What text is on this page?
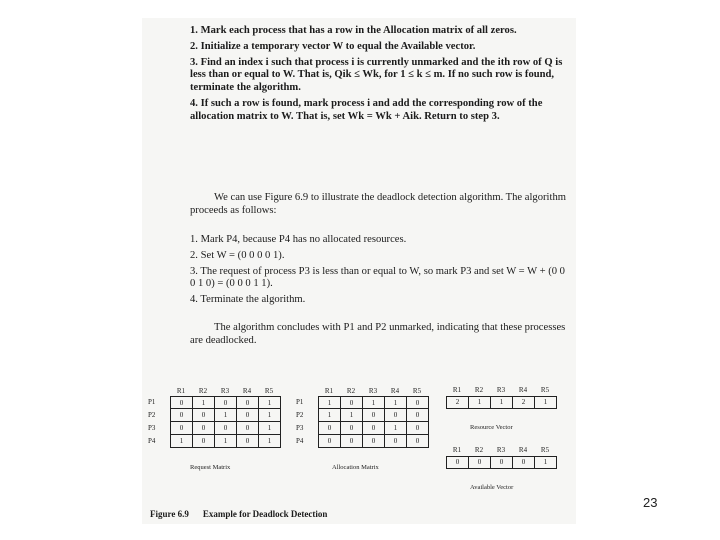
1. Mark each process that has a row in the Allocation matrix of all zeros.
2. Initialize a temporary vector W to equal the Available vector.
3. Find an index i such that process i is currently unmarked and the ith row of Q is less than or equal to W. That is, Qik ≤ Wk, for 1 ≤ k ≤ m. If no such row is found, terminate the algorithm.
4. If such a row is found, mark process i and add the corresponding row of the allocation matrix to W. That is, set Wk = Wk + Aik. Return to step 3.

We can use Figure 6.9 to illustrate the deadlock detection algorithm. The algorithm proceeds as follows:

1. Mark P4, because P4 has no allocated resources.
2. Set W = (0 0 0 0 1).
3. The request of process P3 is less than or equal to W, so mark P3 and set W = W + (0 0 0 1 0) = (0 0 0 1 1).
4. Terminate the algorithm.

The algorithm concludes with P1 and P2 unmarked, indicating that these processes are deadlocked.

R1	R2	R3	R4	R5
P1	0	1	0	0	1
P2	0	0	1	0	1
P3	0	0	0	0	1
P4	1	0	1	0	1
Request Matrix
R1	R2	R3	R4	R5
P1	1	0	1	1	0
P2	1	1	0	0	0
P3	0	0	0	1	0
P4	0	0	0	0	0
Allocation Matrix
R1	R2	R3	R4	R5
2	1	1	2	1
Resource Vector
R1	R2	R3	R4	R5
0	0	0	0	1
Available Vector
Figure 6.9 Example for Deadlock Detection
23
